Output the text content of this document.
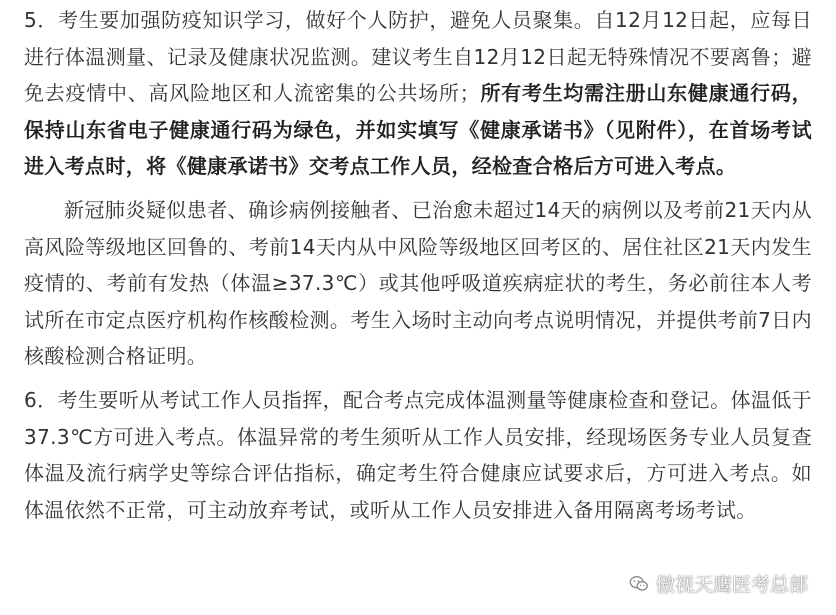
5．考生要加强防疫知识学习，做好个人防护，避免人员聚集。自12月12日起，应每日进行体温测量、记录及健康状况监测。建议考生自12月12日起无特殊情况不要离鲁；避免去疫情中、高风险地区和人流密集的公共场所；所有考生均需注册山东健康通行码，保持山东省电子健康通行码为绿色，并如实填写《健康承诺书》（见附件），在首场考试进入考点时，将《健康承诺书》交考点工作人员，经检查合格后方可进入考点。

新冠肺炎疑似患者、确诊病例接触者、已治愈未超过14天的病例以及考前21天内从高风险等级地区回鲁的、考前14天内从中风险等级地区回考区的、居住社区21天内发生疫情的、考前有发热（体温≥37.3℃）或其他呼吸道疾病症状的考生，务必前往本人考试所在市定点医疗机构作核酸检测。考生入场时主动向考点说明情况，并提供考前7日内核酸检测合格证明。

6．考生要听从考试工作人员指挥，配合考点完成体温测量等健康检查和登记。体温低于37.3℃方可进入考点。体温异常的考生须听从工作人员安排，经现场医务专业人员复查体温及流行病学史等综合评估指标，确定考生符合健康应试要求后，方可进入考点。如体温依然不正常，可主动放弃考试，或听从工作人员安排进入备用隔离考场考试。

傲视天鹰医考总部
